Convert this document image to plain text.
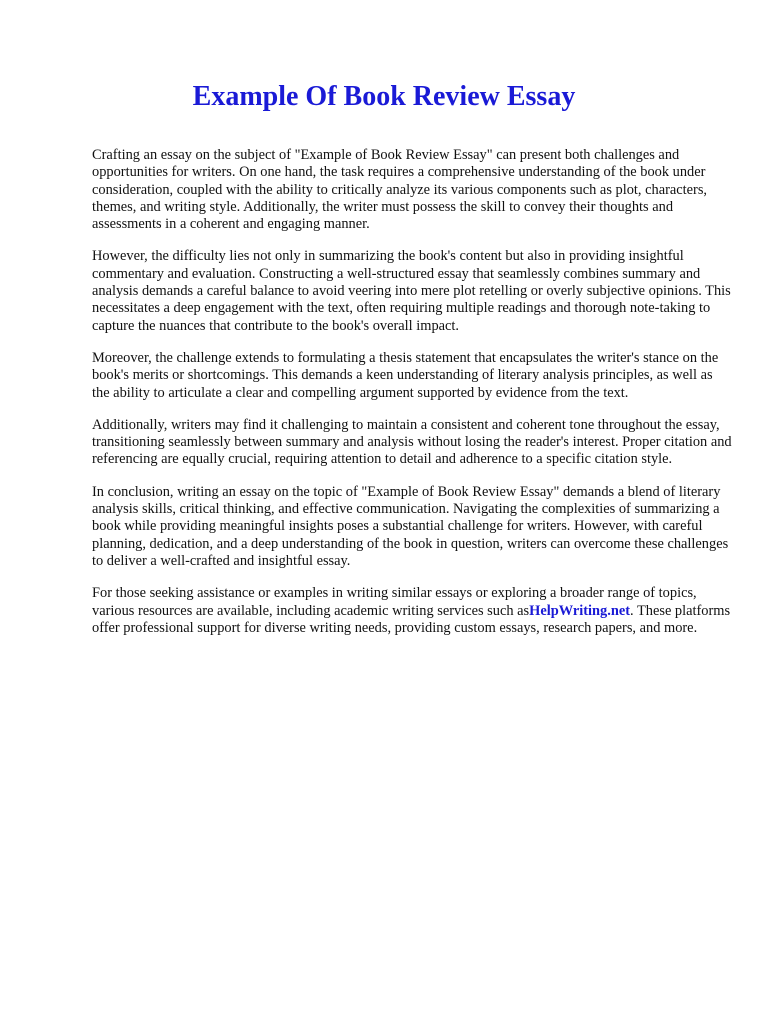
Example Of Book Review Essay

Crafting an essay on the subject of "Example of Book Review Essay" can present both challenges and opportunities for writers. On one hand, the task requires a comprehensive understanding of the book under consideration, coupled with the ability to critically analyze its various components such as plot, characters, themes, and writing style. Additionally, the writer must possess the skill to convey their thoughts and assessments in a coherent and engaging manner.

However, the difficulty lies not only in summarizing the book's content but also in providing insightful commentary and evaluation. Constructing a well-structured essay that seamlessly combines summary and analysis demands a careful balance to avoid veering into mere plot retelling or overly subjective opinions. This necessitates a deep engagement with the text, often requiring multiple readings and thorough note-taking to capture the nuances that contribute to the book's overall impact.

Moreover, the challenge extends to formulating a thesis statement that encapsulates the writer's stance on the book's merits or shortcomings. This demands a keen understanding of literary analysis principles, as well as the ability to articulate a clear and compelling argument supported by evidence from the text.

Additionally, writers may find it challenging to maintain a consistent and coherent tone throughout the essay, transitioning seamlessly between summary and analysis without losing the reader's interest. Proper citation and referencing are equally crucial, requiring attention to detail and adherence to a specific citation style.

In conclusion, writing an essay on the topic of "Example of Book Review Essay" demands a blend of literary analysis skills, critical thinking, and effective communication. Navigating the complexities of summarizing a book while providing meaningful insights poses a substantial challenge for writers. However, with careful planning, dedication, and a deep understanding of the book in question, writers can overcome these challenges to deliver a well-crafted and insightful essay.

For those seeking assistance or examples in writing similar essays or exploring a broader range of topics, various resources are available, including academic writing services such asHelpWriting.net. These platforms offer professional support for diverse writing needs, providing custom essays, research papers, and more.
